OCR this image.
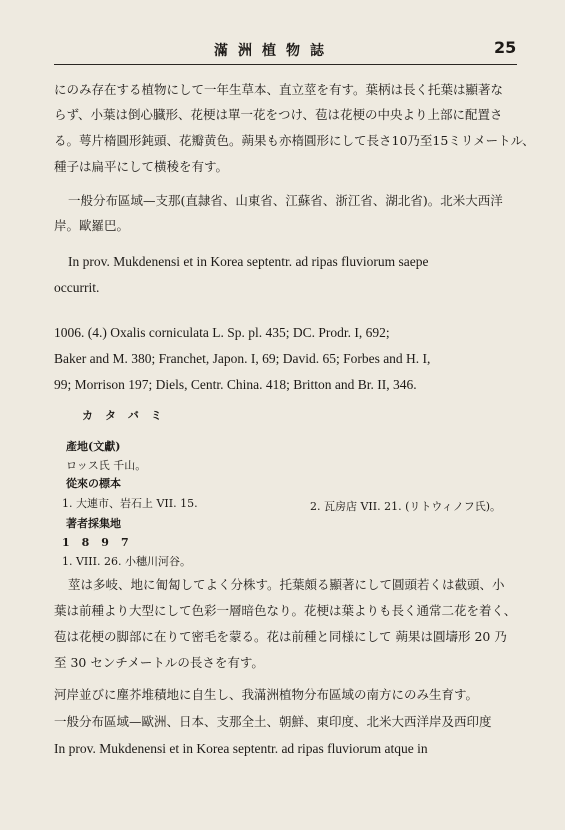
滿洲植物誌	25
にのみ存在する植物にして一年生草本、直立莖を有す。葉柄は長く托葉は顯著な
らず、小葉は倒心臓形、花梗は單一花をつけ、苞は花梗の中央より上部に配置さ
る。萼片楕圓形鈍頭、花瓣黄色。蒴果も亦楕圓形にして長さ10乃至15ミリメートル、
種子は扁平にして横稜を有す。
一般分布區域—支那(直隷省、山東省、江蘇省、浙江省、湖北省)。北米大西洋
岸。歐羅巴。
In prov. Mukdenensi et in Korea septentr. ad ripas fluviorum saepe
occurrit.
1006. (4.) Oxalis corniculata L. Sp. pl. 435; DC. Prodr. I, 692;
Baker and M. 380; Franchet, Japon. I, 69; David. 65; Forbes and H. I,
99; Morrison 197; Diels, Centr. China. 418; Britton and Br. II, 346.
カタバミ
產地(文獻)
ロッス氏 千山。
從來の標本
1. 大連市、岩石上 VII. 15.	2. 瓦房店 VII. 21. (リトウィノフ氏)。
著者採集地
1897
1. VIII. 26. 小穗川河谷。
莖は多岐、地に匍匐してよく分株す。托葉頗る顯著にして圓頭若くは截頭、小
葉は前種より大型にして色彩一層暗色なり。花梗は葉よりも長く通常二花を着く、
苞は花梗の脚部に在りて密毛を蒙る。花は前種と同様にして 蒴果は圓壔形 20 乃
至 30 センチメートルの長さを有す。
河岸並びに塵芥堆積地に自生し、我滿洲植物分布區域の南方にのみ生育す。
一般分布區域—歐洲、日本、支那全土、朝鮮、東印度、北米大西洋岸及西印度
In prov. Mukdenensi et in Korea septentr. ad ripas fluviorum atque in
